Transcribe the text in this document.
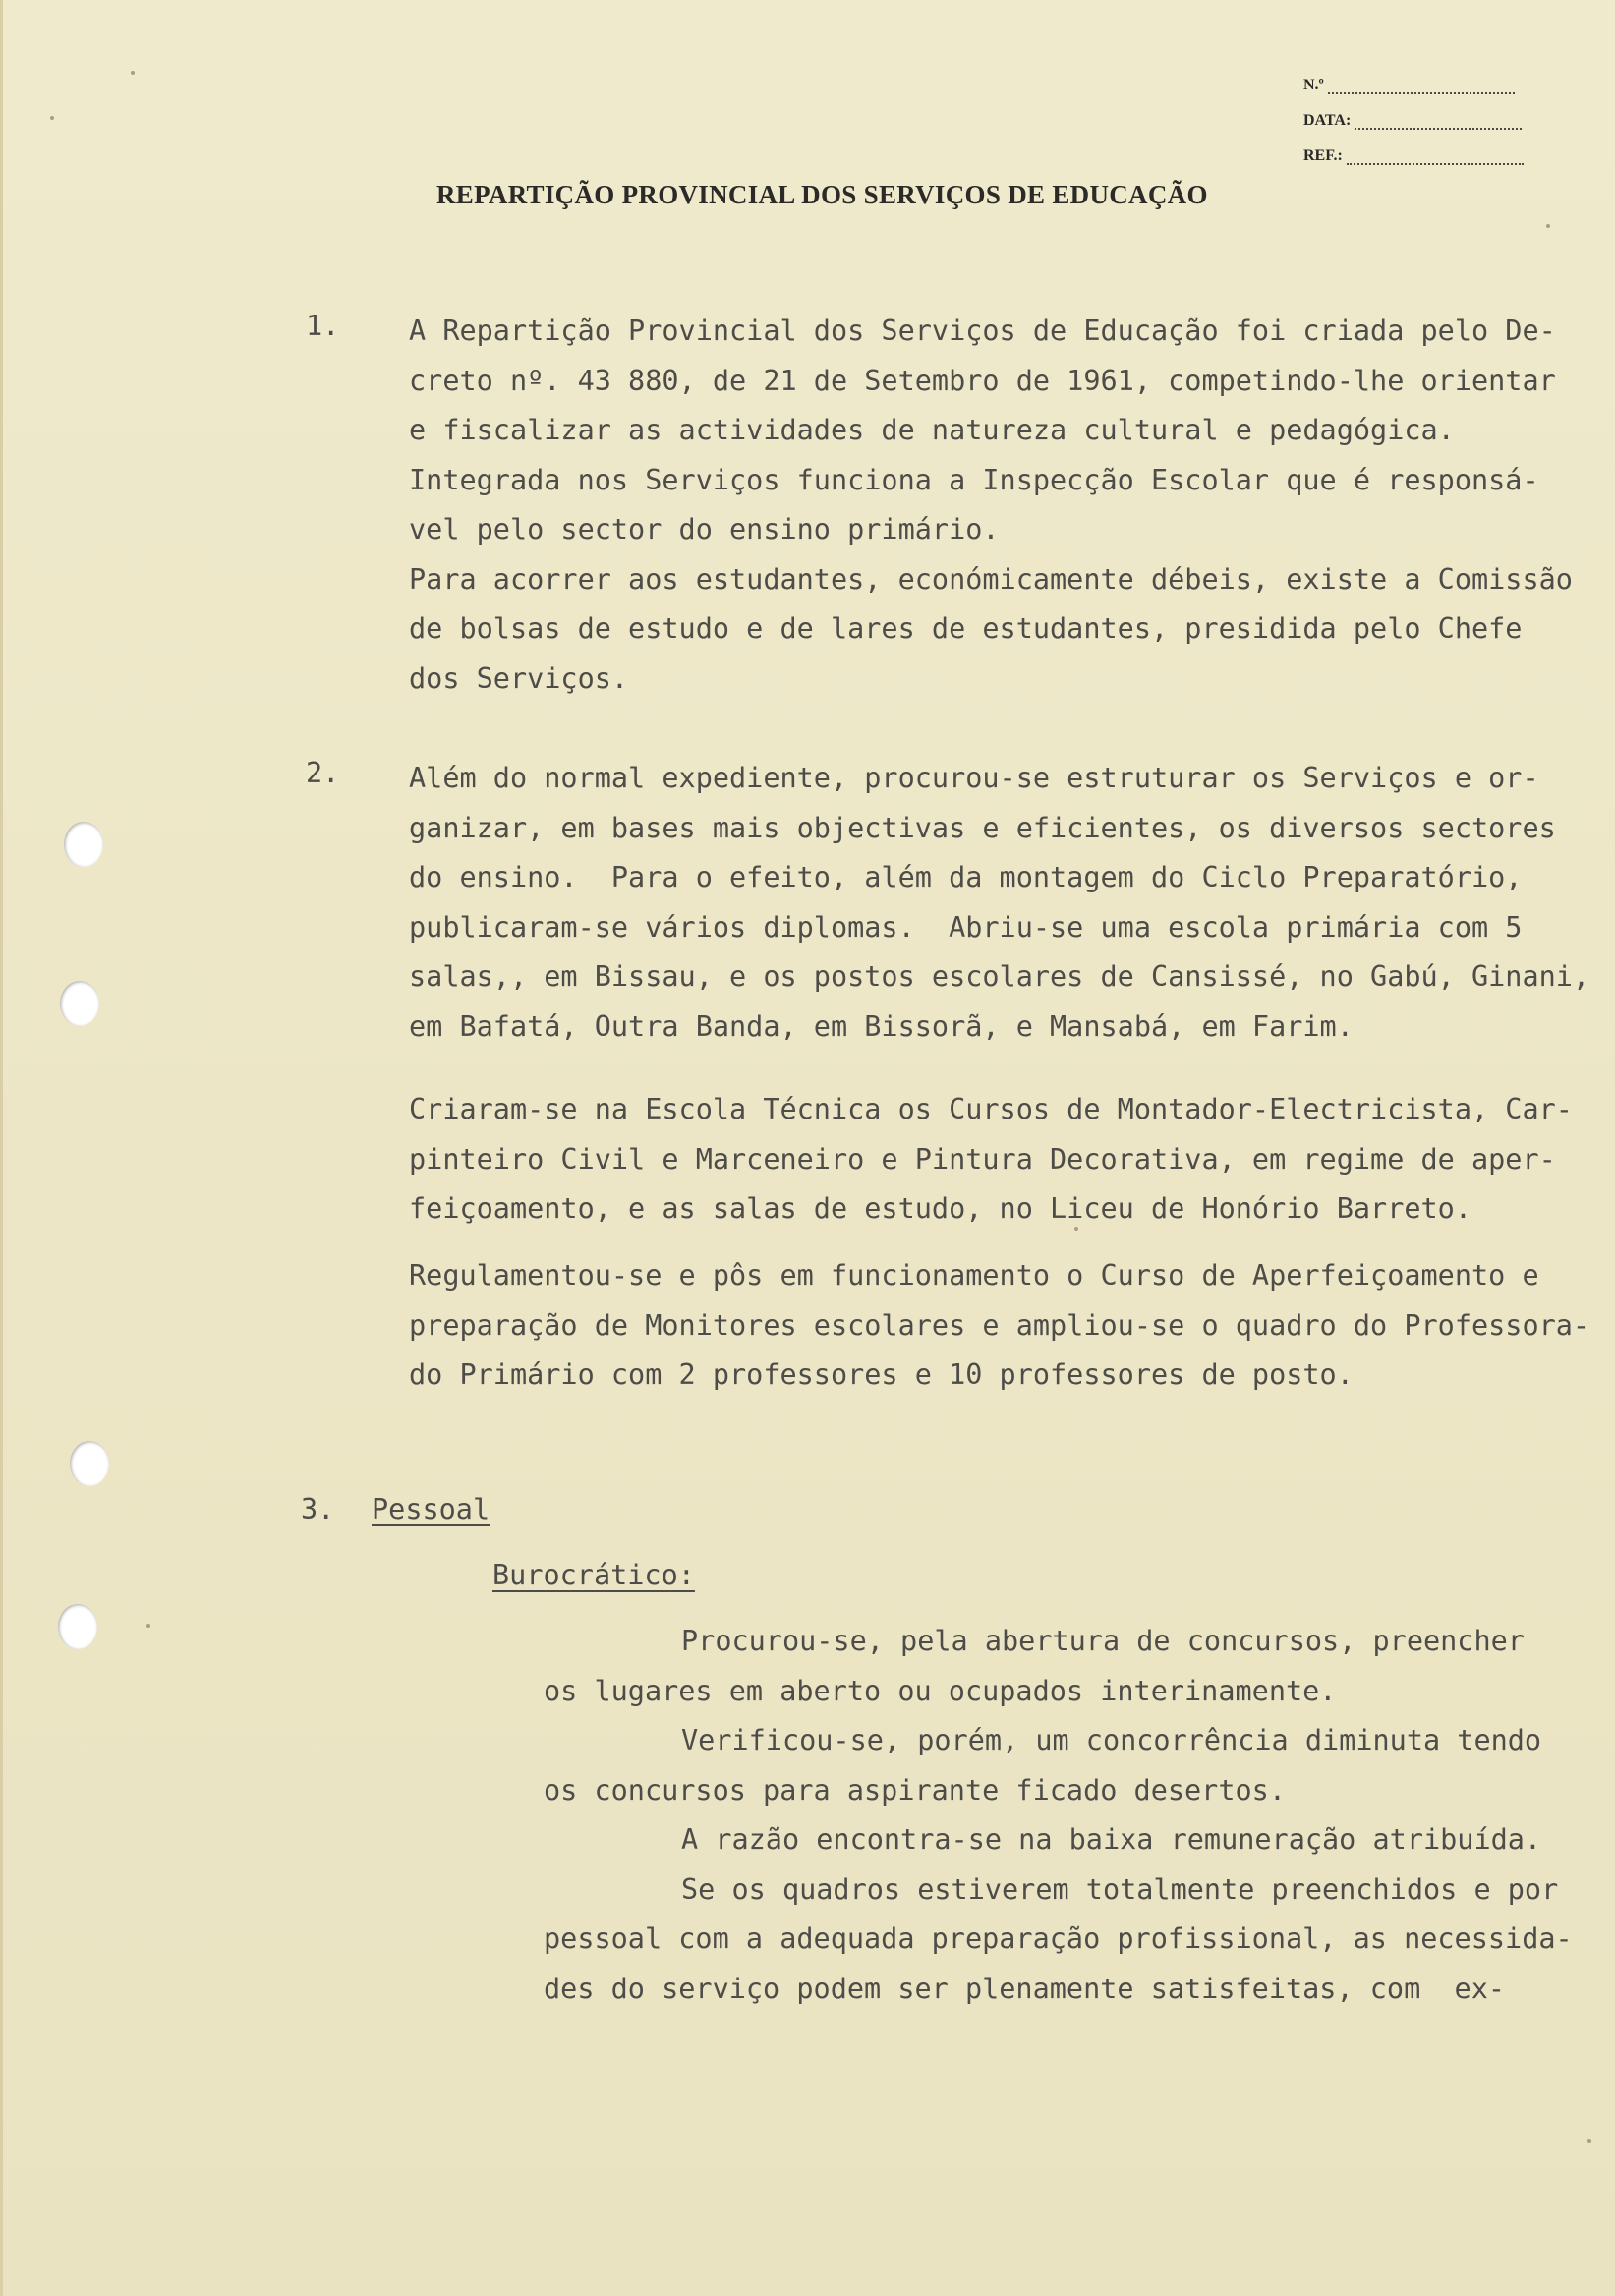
N.º
DATA:
REF.:
REPARTIÇÃO PROVINCIAL DOS SERVIÇOS DE EDUCAÇÃO
1. A Repartição Provincial dos Serviços de Educação foi criada pelo De-
creto nº. 43 880, de 21 de Setembro de 1961, competindo-lhe orientar
e fiscalizar as actividades de natureza cultural e pedagógica.
Integrada nos Serviços funciona a Inspecção Escolar que é responsá-
vel pelo sector do ensino primário.
Para acorrer aos estudantes, económicamente débeis, existe a Comissão
de bolsas de estudo e de lares de estudantes, presidida pelo Chefe
dos Serviços.
2. Além do normal expediente, procurou-se estruturar os Serviços e or-
ganizar, em bases mais objectivas e eficientes, os diversos sectores
do ensino.  Para o efeito, além da montagem do Ciclo Preparatório,
publicaram-se vários diplomas.  Abriu-se uma escola primária com 5
salas,, em Bissau, e os postos escolares de Cansissé, no Gabú, Ginani,
em Bafatá, Outra Banda, em Bissorã, e Mansabá, em Farim.
Criaram-se na Escola Técnica os Cursos de Montador-Electricista, Car-
pinteiro Civil e Marceneiro e Pintura Decorativa, em regime de aper-
feiçoamento, e as salas de estudo, no Liceu de Honório Barreto.
Regulamentou-se e pôs em funcionamento o Curso de Aperfeiçoamento e
preparação de Monitores escolares e ampliou-se o quadro do Professora-
do Primário com 2 professores e 10 professores de posto.
3. Pessoal
Burocrático:
Procurou-se, pela abertura de concursos, preencher
os lugares em aberto ou ocupados interinamente.
Verificou-se, porém, um concorrência diminuta tendo
os concursos para aspirante ficado desertos.
A razão encontra-se na baixa remuneração atribuída.
Se os quadros estiverem totalmente preenchidos e por
pessoal com a adequada preparação profissional, as necessida-
des do serviço podem ser plenamente satisfeitas, com  ex-
